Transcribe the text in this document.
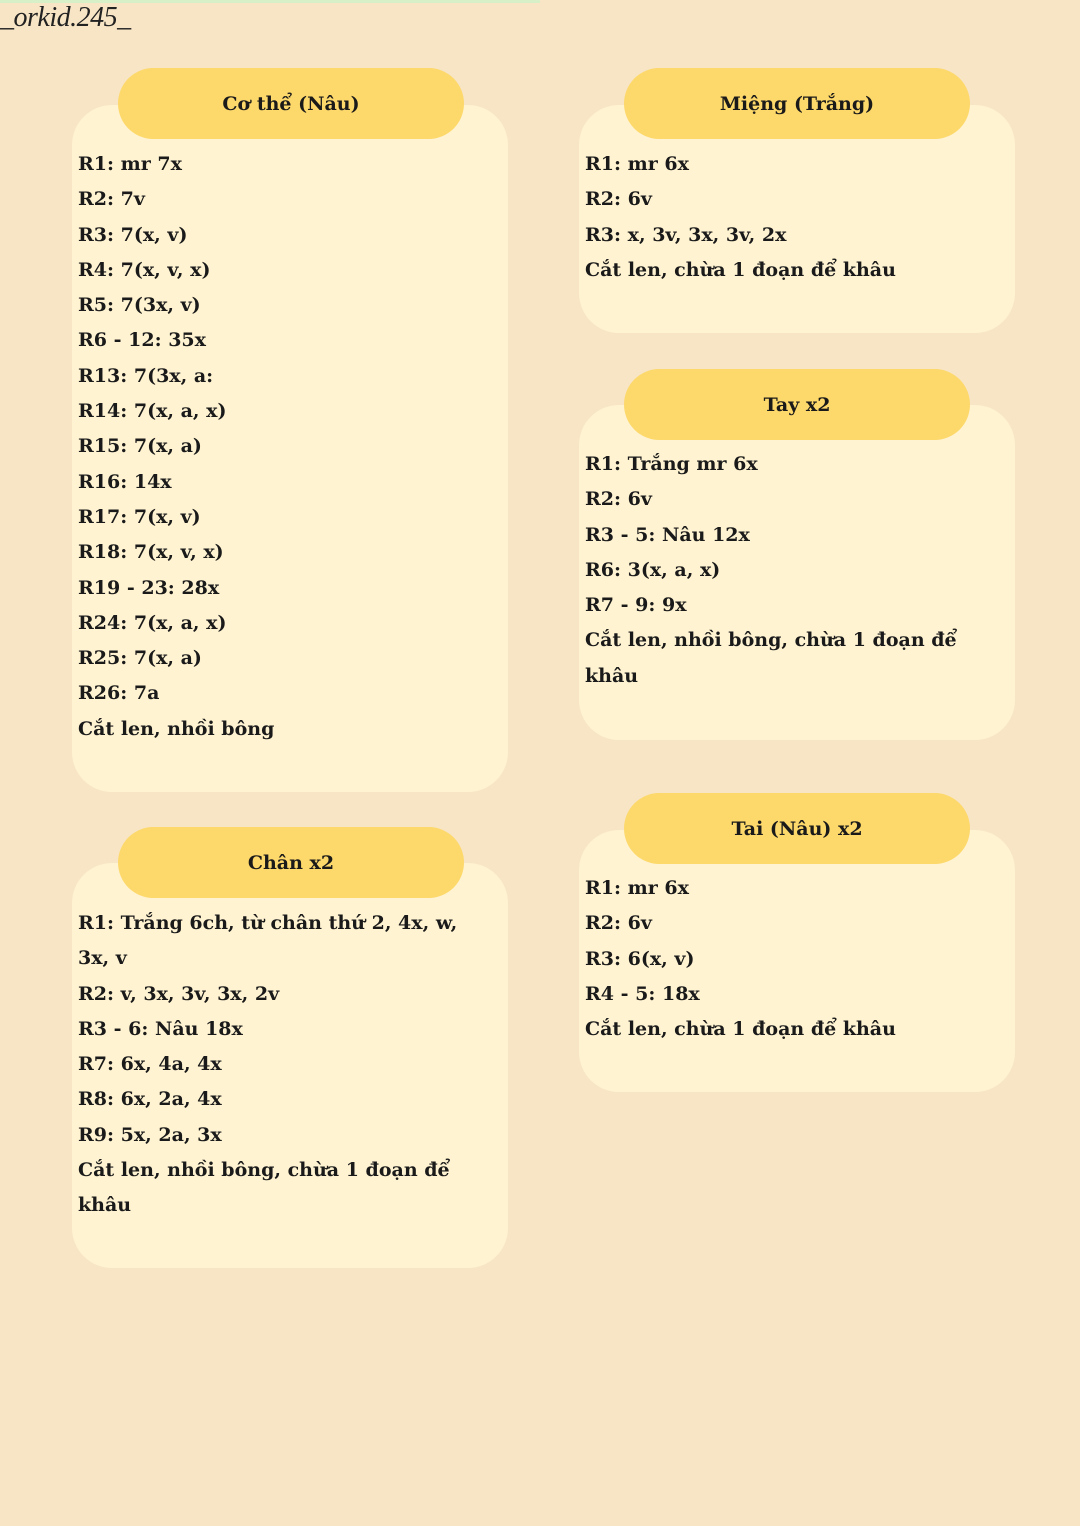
_orkid.245_
Cơ thể (Nâu)
R1: mr 7x
R2: 7v
R3: 7(x, v)
R4: 7(x, v, x)
R5: 7(3x, v)
R6 - 12: 35x
R13: 7(3x, a:
R14: 7(x, a, x)
R15: 7(x, a)
R16: 14x
R17: 7(x, v)
R18: 7(x, v, x)
R19 - 23: 28x
R24: 7(x, a, x)
R25: 7(x, a)
R26: 7a
Cắt len, nhồi bông
Chân x2
R1: Trắng 6ch, từ chân thứ 2, 4x, w, 3x, v
R2: v, 3x, 3v, 3x, 2v
R3 - 6: Nâu 18x
R7: 6x, 4a, 4x
R8: 6x, 2a, 4x
R9: 5x, 2a, 3x
Cắt len, nhồi bông, chừa 1 đoạn để khâu
Miệng (Trắng)
R1: mr 6x
R2: 6v
R3: x, 3v, 3x, 3v, 2x
Cắt len, chừa 1 đoạn để khâu
Tay x2
R1: Trắng mr 6x
R2: 6v
R3 - 5: Nâu 12x
R6: 3(x, a, x)
R7 - 9: 9x
Cắt len, nhồi bông, chừa 1 đoạn để khâu
Tai (Nâu) x2
R1: mr 6x
R2: 6v
R3: 6(x, v)
R4 - 5: 18x
Cắt len, chừa 1 đoạn để khâu
